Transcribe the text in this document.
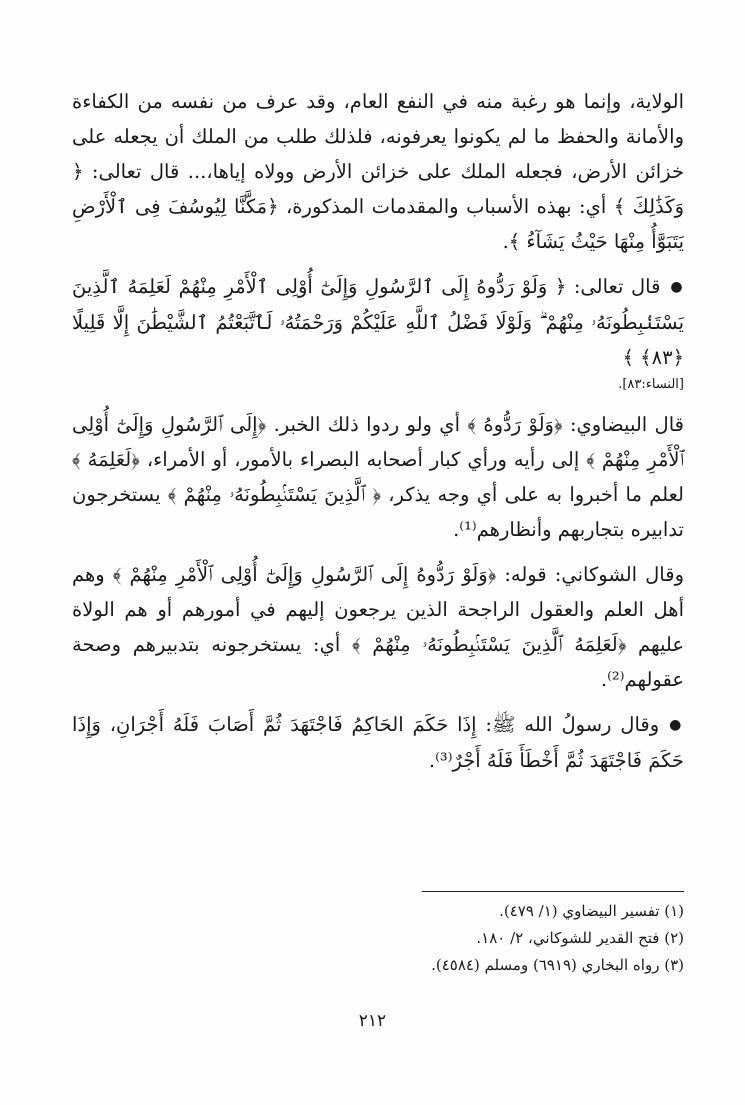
الولاية، وإنما هو رغبة منه في النفع العام، وقد عرف من نفسه من الكفاءة والأمانة والحفظ ما لم يكونوا يعرفونه، فلذلك طلب من الملك أن يجعله على خزائن الأرض، فجعله الملك على خزائن الأرض وولاه إياها،... قال تعالى: ﴿ وَكَذَٰلِكَ ﴾ أي: بهذه الأسباب والمقدمات المذكورة، ﴿مَكَّنَّا لِيُوسُفَ فِى ٱلْأَرْضِ يَتَبَوَّأُ مِنْهَا حَيْثُ يَشَآءُ ﴾.

●قال تعالى: ﴿ وَلَوْ رَدُّوهُ إِلَى ٱلرَّسُولِ وَإِلَىٰٓ أُوْلِى ٱلْأَمْرِ مِنْهُمْ لَعَلِمَهُ ٱلَّذِينَ يَسْتَنۢبِطُونَهُۥ مِنْهُمْ ۗ وَلَوْلَا فَضْلُ ٱللَّهِ عَلَيْكُمْ وَرَحْمَتُهُۥ لَٱتَّبَعْتُمُ ٱلشَّيْطَٰنَ إِلَّا قَلِيلًا ﴿٨٣﴾ ﴾

[النساء:٨٣].

قال البيضاوي: ﴿وَلَوْ رَدُّوهُ ﴾ أي ولو ردوا ذلك الخبر. ﴿إِلَى ٱلرَّسُولِ وَإِلَىٰٓ أُوْلِى ٱلْأَمْرِ مِنْهُمْ ﴾ إلى رأيه ورأي كبار أصحابه البصراء بالأمور، أو الأمراء، ﴿لَعَلِمَهُ ﴾ لعلم ما أخبروا به على أي وجه يذكر، ﴿ ٱلَّذِينَ يَسْتَنۢبِطُونَهُۥ مِنْهُمْ ﴾ يستخرجون تدابيره بتجاربهم وأنظارهم⁽¹⁾.

وقال الشوكاني: قوله: ﴿وَلَوْ رَدُّوهُ إِلَى ٱلرَّسُولِ وَإِلَىٰٓ أُوْلِى ٱلْأَمْرِ مِنْهُمْ ﴾ وهم أهل العلم والعقول الراجحة الذين يرجعون إليهم في أمورهم أو هم الولاة عليهم ﴿لَعَلِمَهُ ٱلَّذِينَ يَسْتَنۢبِطُونَهُۥ مِنْهُمْ ﴾ أي: يستخرجونه بتدبيرهم وصحة عقولهم⁽²⁾.

●وقال رسولُ الله ﷺ: إِذَا حَكَمَ الحَاكِمُ فَاجْتَهَدَ ثُمَّ أَصَابَ فَلَهُ أَجْرَانِ، وَإِذَا حَكَمَ فَاجْتَهَدَ ثُمَّ أَخْطَأَ فَلَهُ أَجْرٌ⁽³⁾.

(١) تفسير البيضاوي (١/ ٤٧٩).
(٢) فتح القدير للشوكاني، ٢/ ١٨٠.
(٣) رواه البخاري (٦٩١٩) ومسلم (٤٥٨٤).
٢١٢
